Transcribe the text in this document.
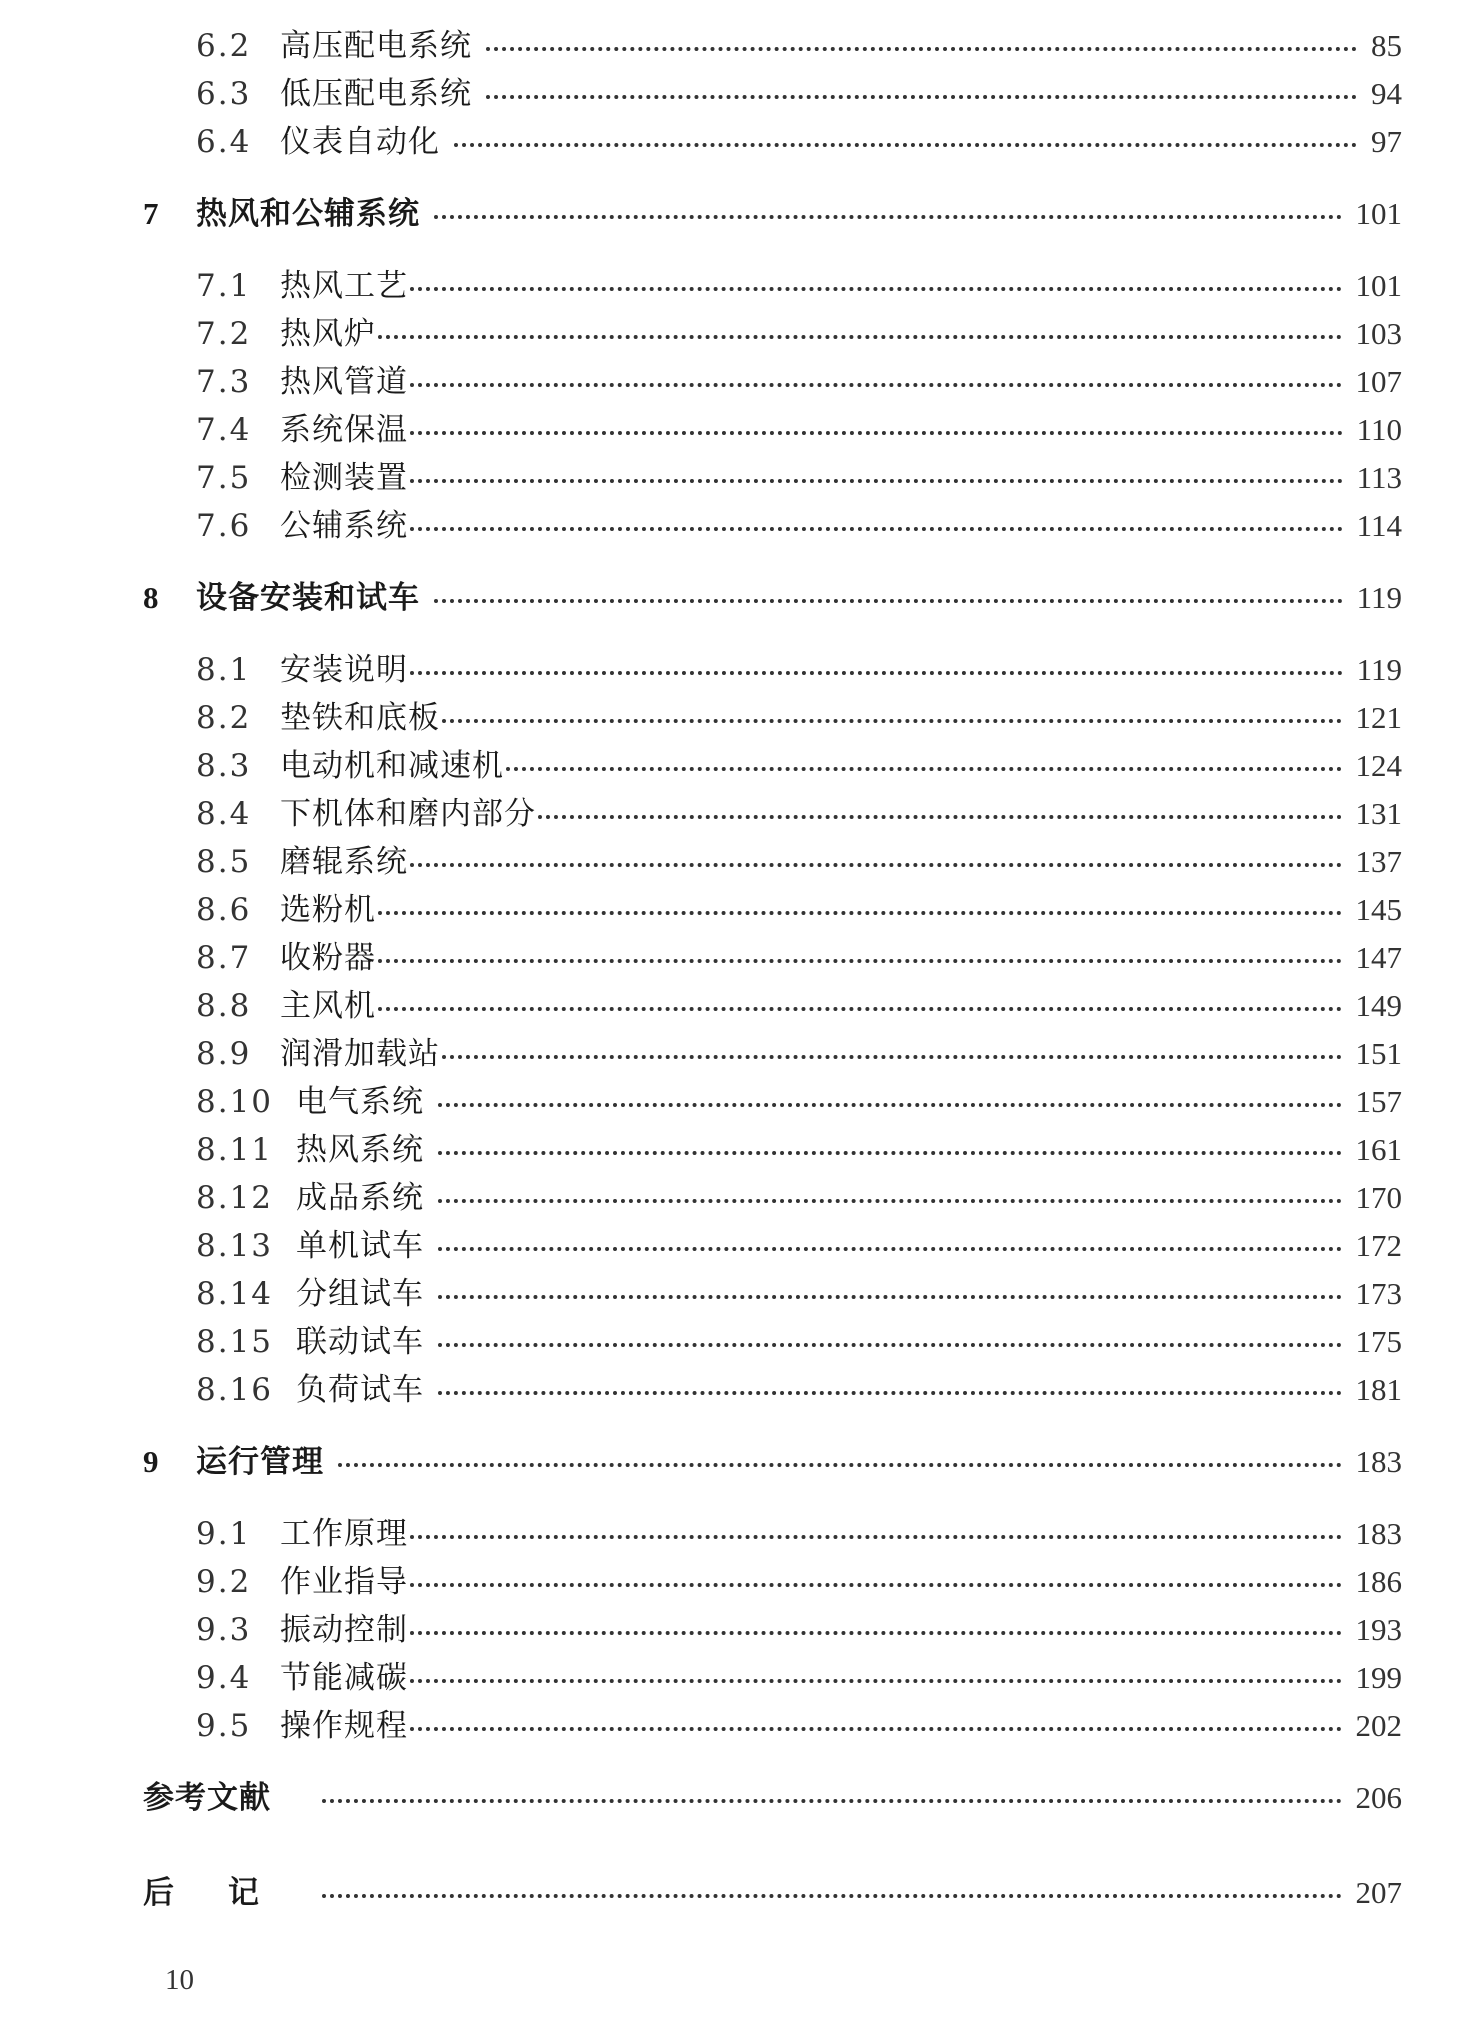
6.2 高压配电系统	85
6.3 低压配电系统	94
6.4 仪表自动化	97
7	热风和公辅系统	101
7.1 热风工艺	101
7.2 热风炉	103
7.3 热风管道	107
7.4 系统保温	110
7.5 检测装置	113
7.6 公辅系统	114
8	设备安装和试车	119
8.1 安装说明	119
8.2 垫铁和底板	121
8.3 电动机和减速机	124
8.4 下机体和磨内部分	131
8.5 磨辊系统	137
8.6 选粉机	145
8.7 收粉器	147
8.8 主风机	149
8.9 润滑加载站	151
8.10 电气系统	157
8.11 热风系统	161
8.12 成品系统	170
8.13 单机试车	172
8.14 分组试车	173
8.15 联动试车	175
8.16 负荷试车	181
9	运行管理	183
9.1 工作原理	183
9.2 作业指导	186
9.3 振动控制	193
9.4 节能减碳	199
9.5 操作规程	202
参考文献	206
后记	207
10
